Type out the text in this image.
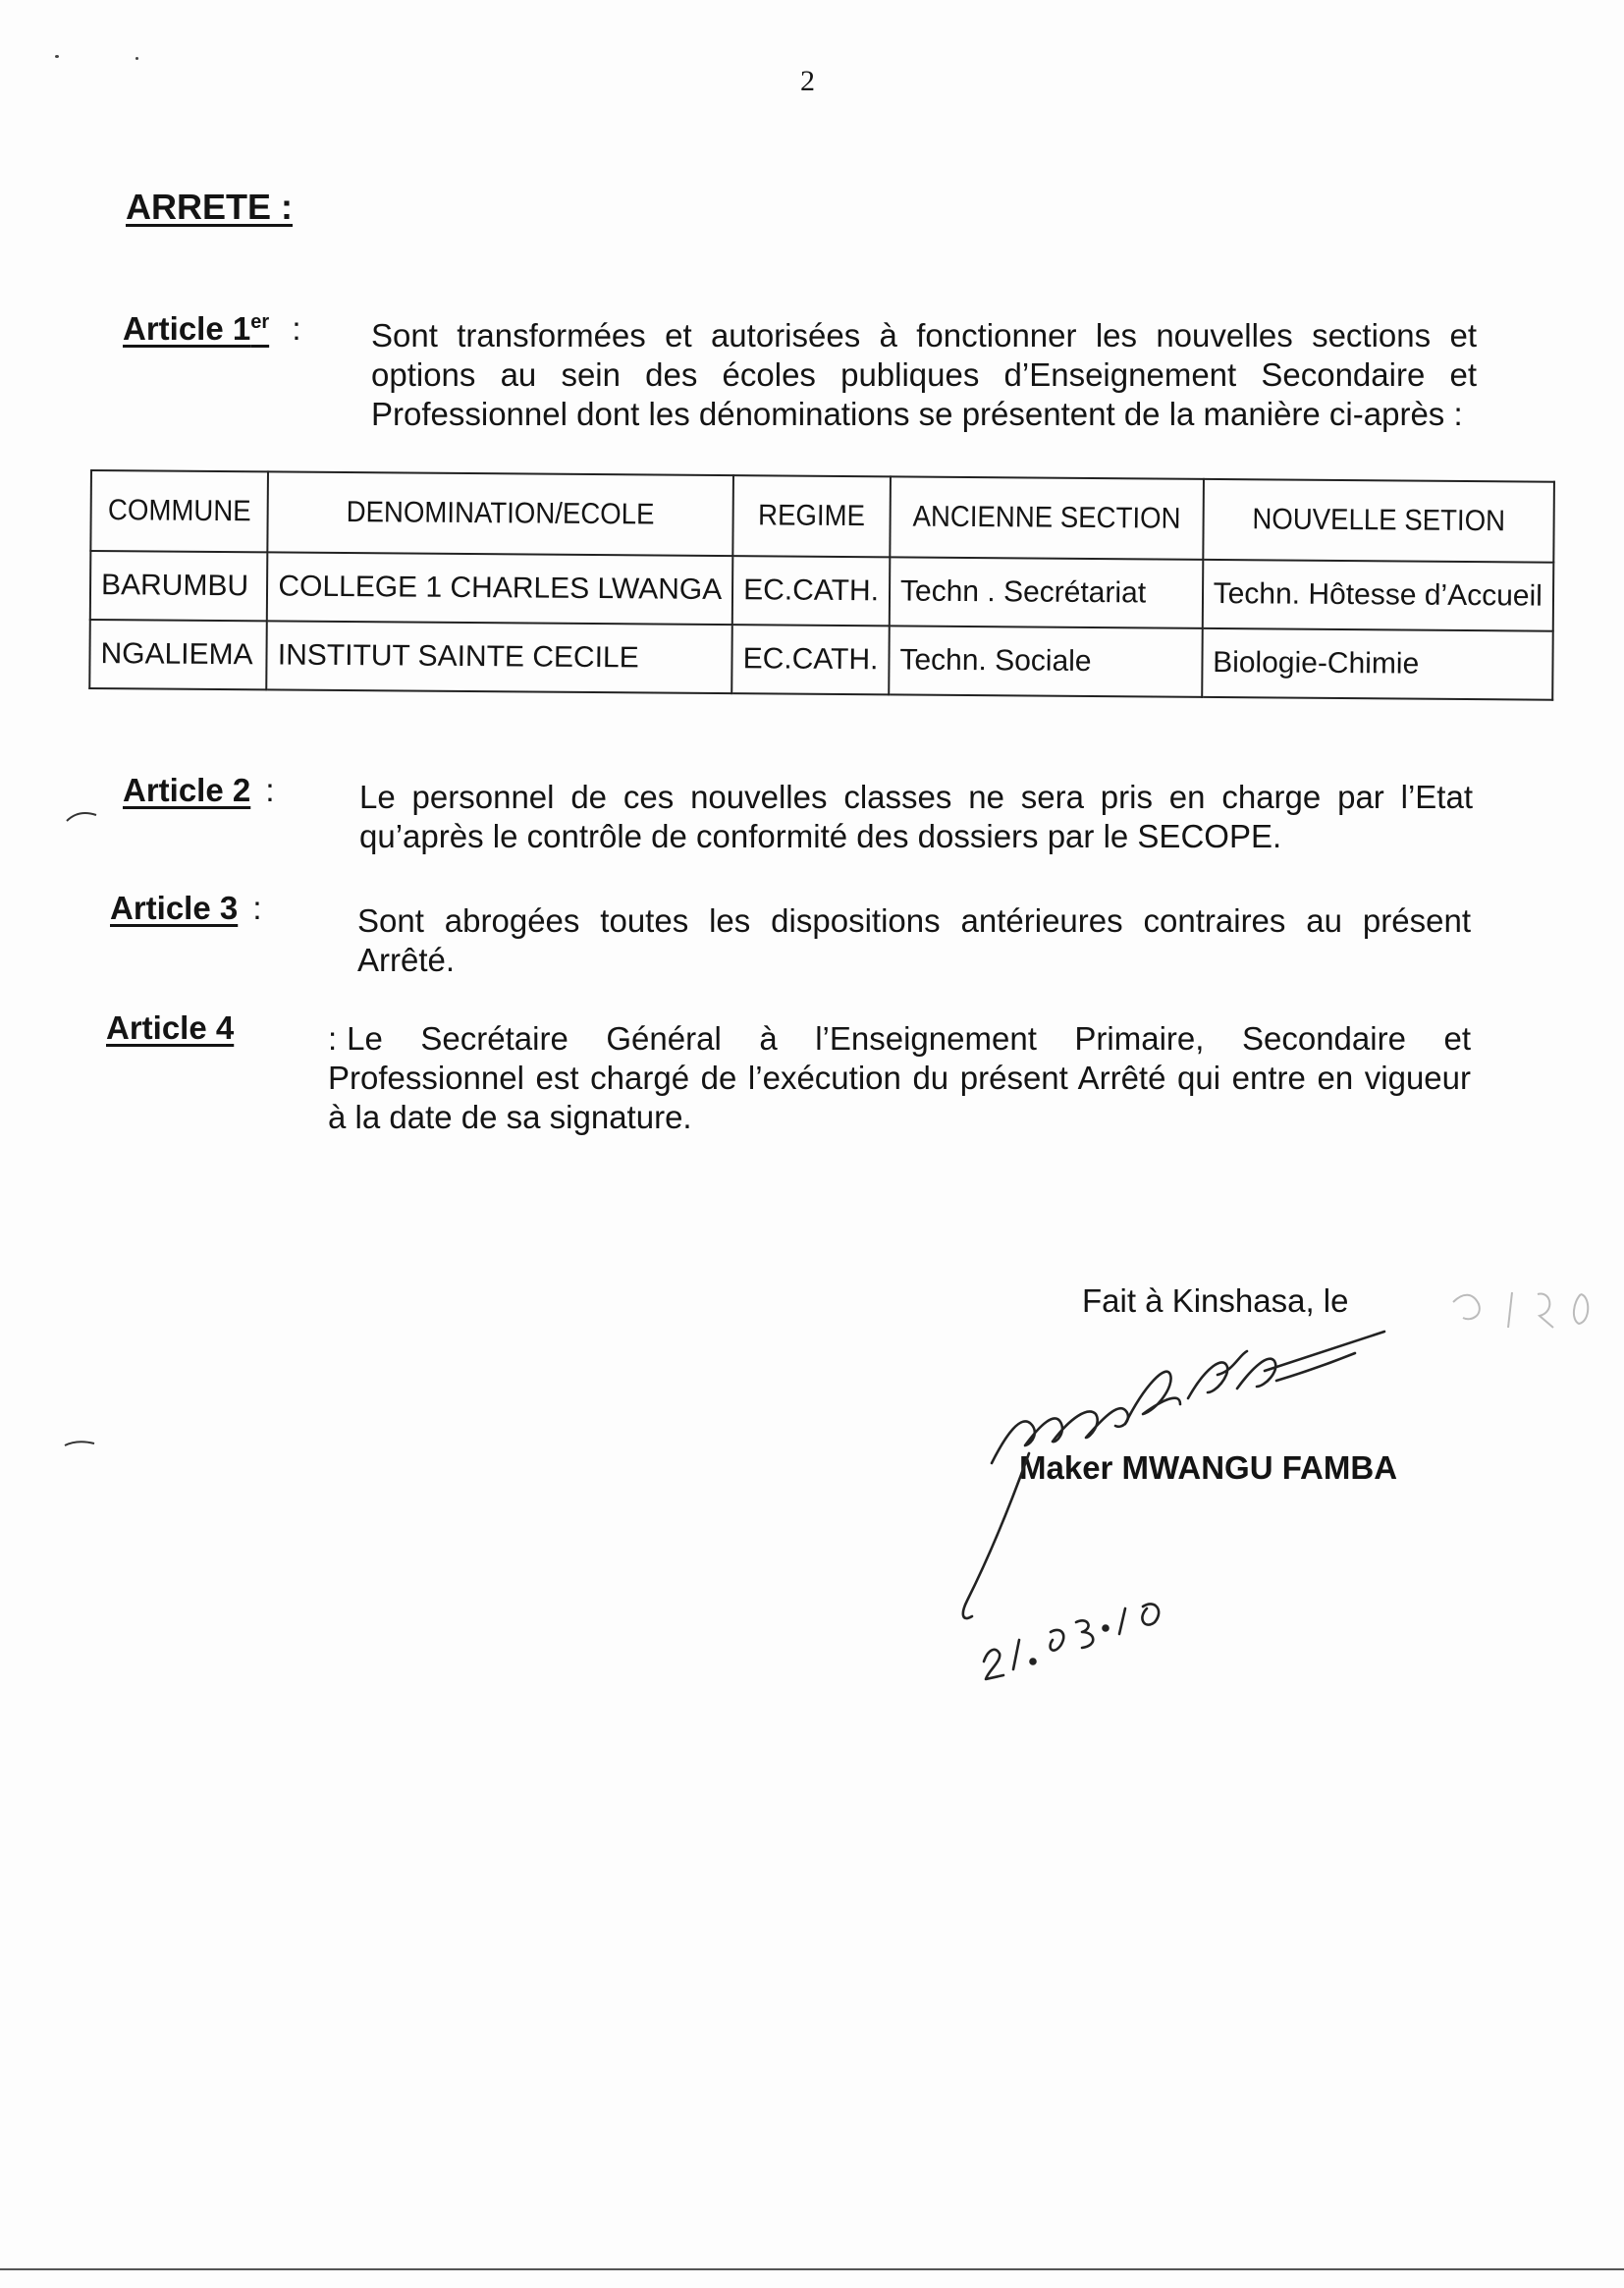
2
ARRETE :
Article 1er : Sont transformées et autorisées à fonctionner les nouvelles sections et options au sein des écoles publiques d’Enseignement Secondaire et Professionnel dont les dénominations se présentent de la manière ci-après :
COMMUNE	DENOMINATION/ECOLE	REGIME	ANCIENNE SECTION	NOUVELLE SETION
BARUMBU	COLLEGE 1 CHARLES LWANGA	EC.CATH.	Techn . Secrétariat	Techn. Hôtesse d’Accueil
NGALIEMA	INSTITUT SAINTE CECILE	EC.CATH.	Techn. Sociale	Biologie-Chimie
Article 2 :	Le personnel de ces nouvelles classes ne sera pris en charge par l’Etat qu’après le contrôle de conformité des dossiers par le SECOPE.
Article 3 :	Sont abrogées toutes les dispositions antérieures contraires au présent Arrêté.
Article 4	: Le Secrétaire Général à l’Enseignement Primaire, Secondaire et Professionnel est chargé de l’exécution du présent Arrêté qui entre en vigueur à la date de sa signature.
Fait à Kinshasa, le
Maker MWANGU FAMBA
